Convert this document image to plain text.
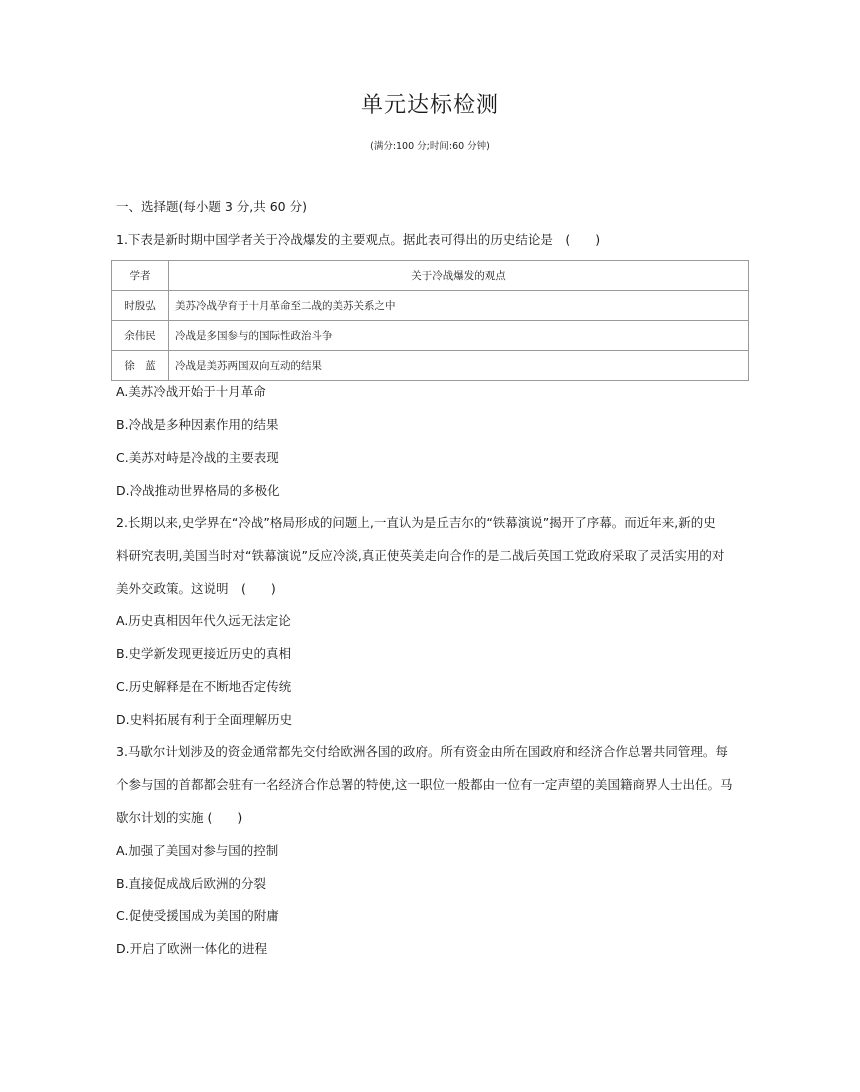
单元达标检测
(满分:100 分;时间:60 分钟)
一、选择题(每小题 3 分,共 60 分)
1.下表是新时期中国学者关于冷战爆发的主要观点。据此表可得出的历史结论是　(　　)
学者	关于冷战爆发的观点
时殷弘	美苏冷战孕育于十月革命至二战的美苏关系之中
余伟民	冷战是多国参与的国际性政治斗争
徐　蓝	冷战是美苏两国双向互动的结果
A.美苏冷战开始于十月革命
B.冷战是多种因素作用的结果
C.美苏对峙是冷战的主要表现
D.冷战推动世界格局的多极化
2.长期以来,史学界在“冷战”格局形成的问题上,一直认为是丘吉尔的“铁幕演说”揭开了序幕。而近年来,新的史
料研究表明,美国当时对“铁幕演说”反应冷淡,真正使英美走向合作的是二战后英国工党政府采取了灵活实用的对
美外交政策。这说明　(　　)
A.历史真相因年代久远无法定论
B.史学新发现更接近历史的真相
C.历史解释是在不断地否定传统
D.史料拓展有利于全面理解历史
3.马歇尔计划涉及的资金通常都先交付给欧洲各国的政府。所有资金由所在国政府和经济合作总署共同管理。每
个参与国的首都都会驻有一名经济合作总署的特使,这一职位一般都由一位有一定声望的美国籍商界人士出任。马
歇尔计划的实施 (　　)
A.加强了美国对参与国的控制
B.直接促成战后欧洲的分裂
C.促使受援国成为美国的附庸
D.开启了欧洲一体化的进程
